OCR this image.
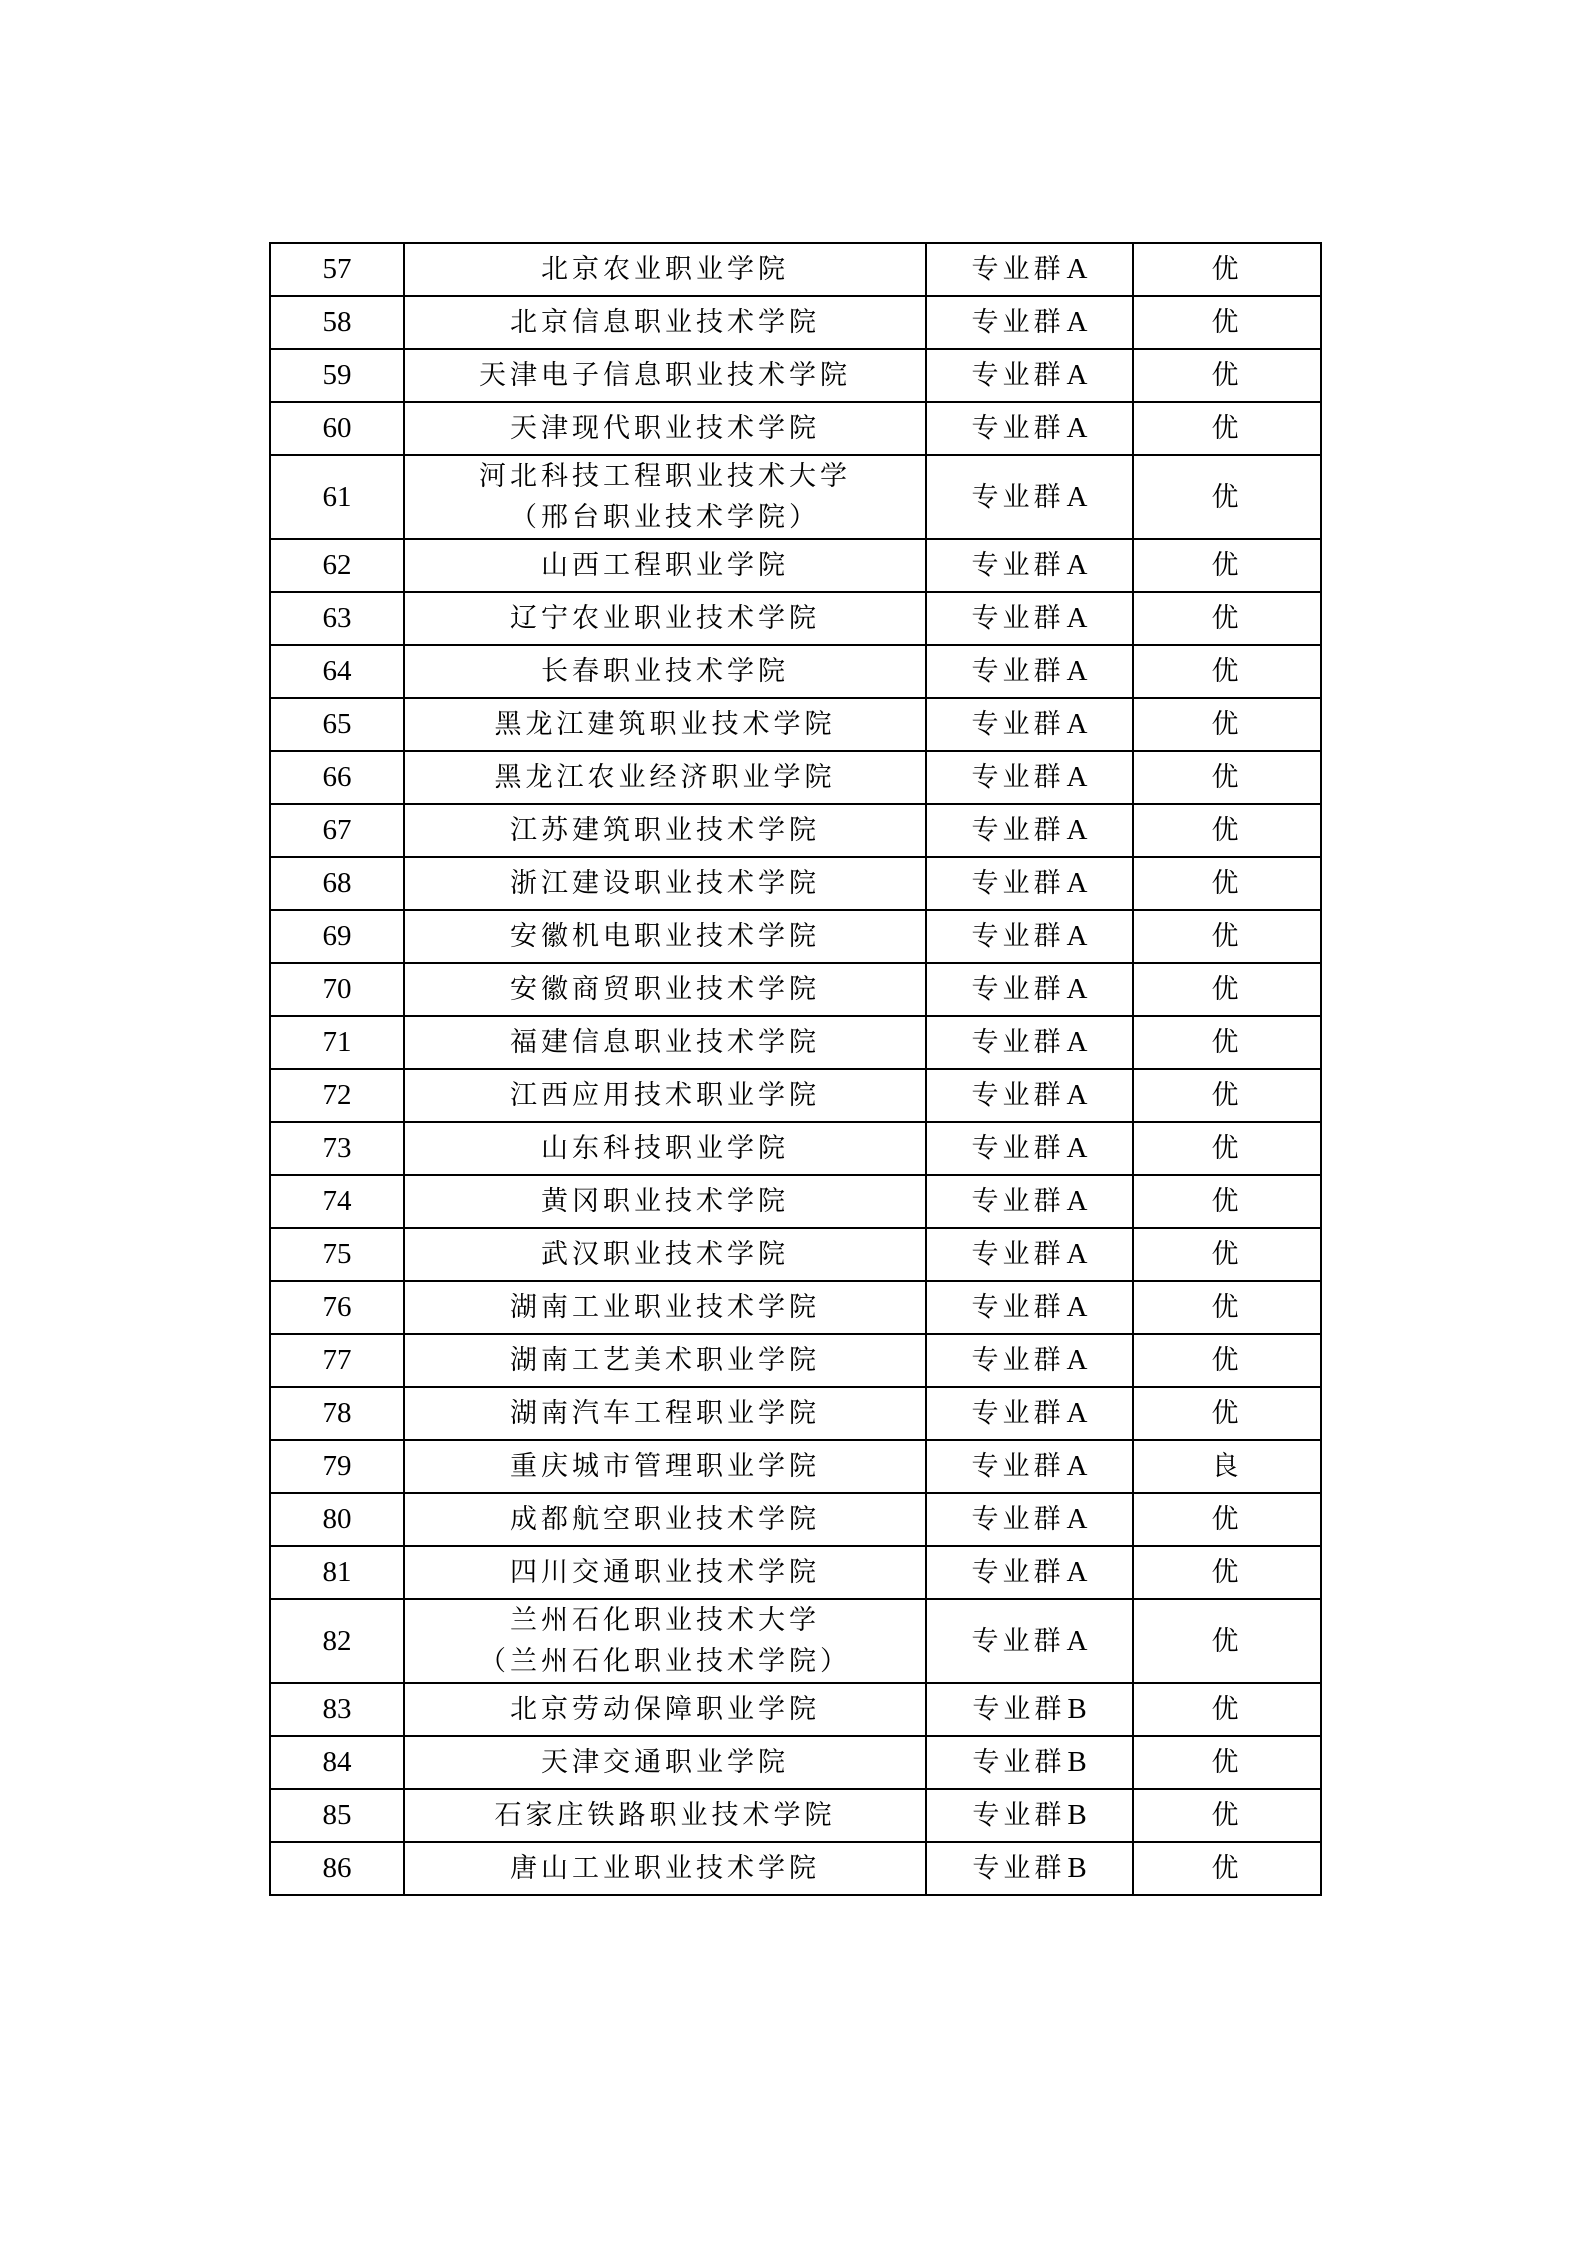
57	北京农业职业学院	专业群A	优
58	北京信息职业技术学院	专业群A	优
59	天津电子信息职业技术学院	专业群A	优
60	天津现代职业技术学院	专业群A	优
61	河北科技工程职业技术大学
（邢台职业技术学院）	专业群A	优
62	山西工程职业学院	专业群A	优
63	辽宁农业职业技术学院	专业群A	优
64	长春职业技术学院	专业群A	优
65	黑龙江建筑职业技术学院	专业群A	优
66	黑龙江农业经济职业学院	专业群A	优
67	江苏建筑职业技术学院	专业群A	优
68	浙江建设职业技术学院	专业群A	优
69	安徽机电职业技术学院	专业群A	优
70	安徽商贸职业技术学院	专业群A	优
71	福建信息职业技术学院	专业群A	优
72	江西应用技术职业学院	专业群A	优
73	山东科技职业学院	专业群A	优
74	黄冈职业技术学院	专业群A	优
75	武汉职业技术学院	专业群A	优
76	湖南工业职业技术学院	专业群A	优
77	湖南工艺美术职业学院	专业群A	优
78	湖南汽车工程职业学院	专业群A	优
79	重庆城市管理职业学院	专业群A	良
80	成都航空职业技术学院	专业群A	优
81	四川交通职业技术学院	专业群A	优
82	兰州石化职业技术大学
（兰州石化职业技术学院）	专业群A	优
83	北京劳动保障职业学院	专业群B	优
84	天津交通职业学院	专业群B	优
85	石家庄铁路职业技术学院	专业群B	优
86	唐山工业职业技术学院	专业群B	优
